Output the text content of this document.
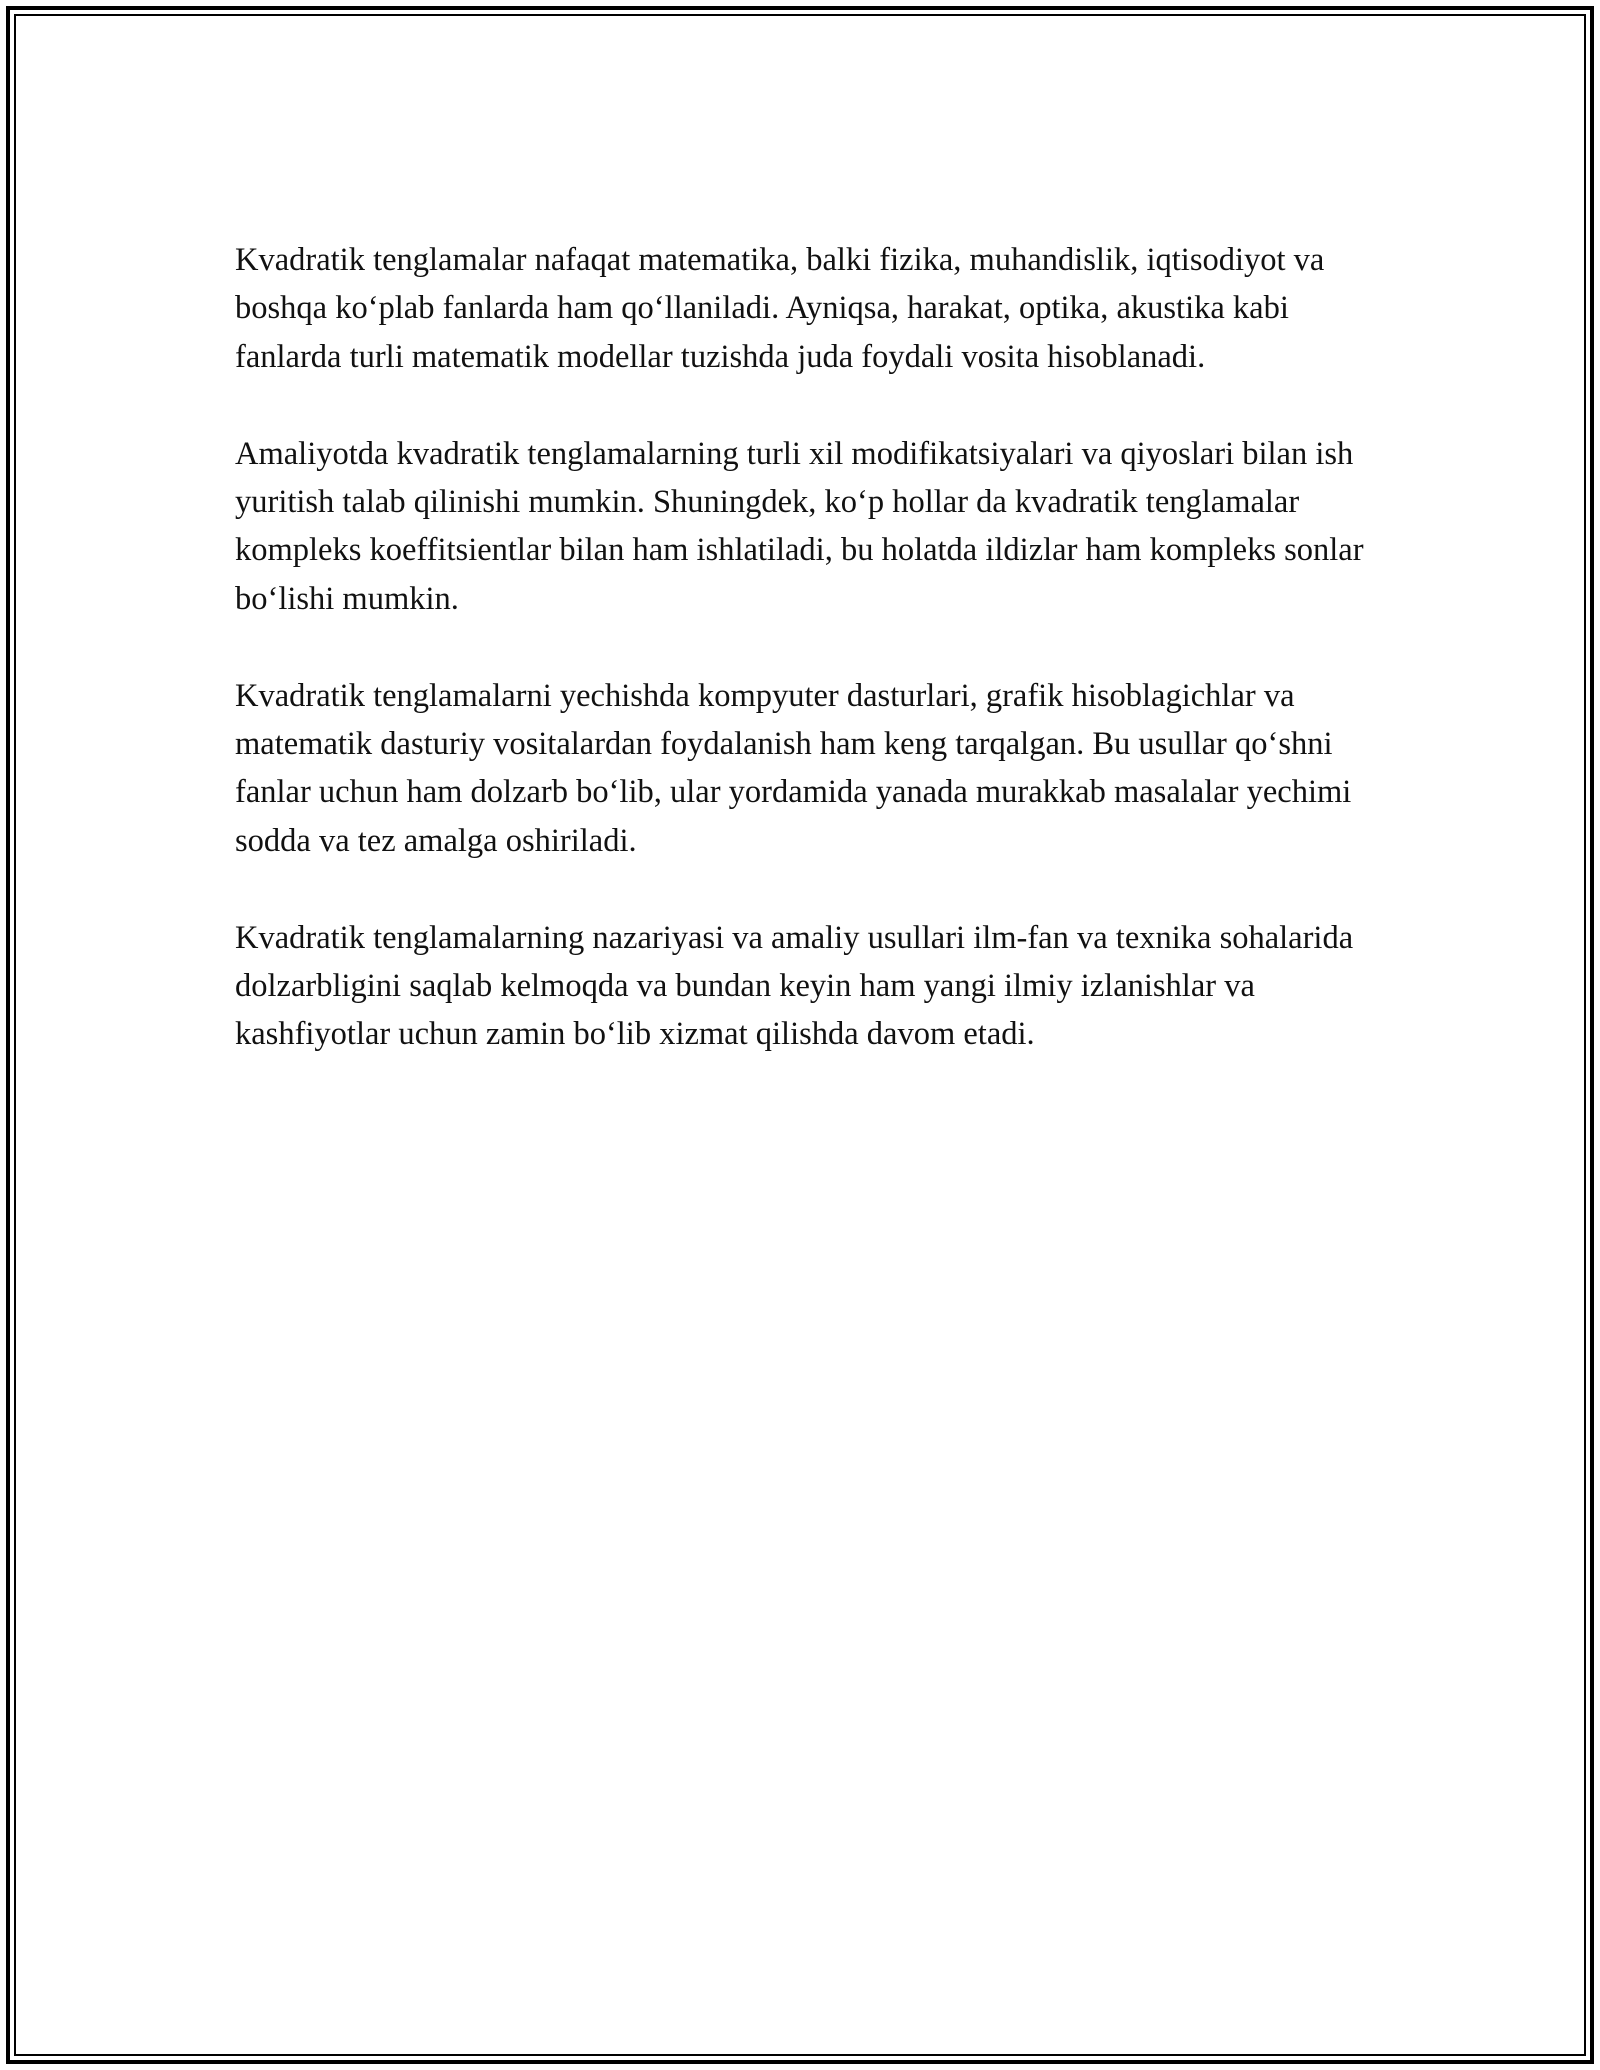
Kvadratik tenglamalar nafaqat matematika, balki fizika, muhandislik, iqtisodiyot va boshqa ko‘plab fanlarda ham qo‘llaniladi. Ayniqsa, harakat, optika, akustika kabi fanlarda turli matematik modellar tuzishda juda foydali vosita hisoblanadi.

Amaliyotda kvadratik tenglamalarning turli xil modifikatsiyalari va qiyoslari bilan ish yuritish talab qilinishi mumkin. Shuningdek, ko‘p hollar da kvadratik tenglamalar kompleks koeffitsientlar bilan ham ishlatiladi, bu holatda ildizlar ham kompleks sonlar bo‘lishi mumkin.

Kvadratik tenglamalarni yechishda kompyuter dasturlari, grafik hisoblagichlar va matematik dasturiy vositalardan foydalanish ham keng tarqalgan. Bu usullar qo‘shni fanlar uchun ham dolzarb bo‘lib, ular yordamida yanada murakkab masalalar yechimi sodda va tez amalga oshiriladi.

Kvadratik tenglamalarning nazariyasi va amaliy usullari ilm-fan va texnika sohalarida dolzarbligini saqlab kelmoqda va bundan keyin ham yangi ilmiy izlanishlar va kashfiyotlar uchun zamin bo‘lib xizmat qilishda davom etadi.
